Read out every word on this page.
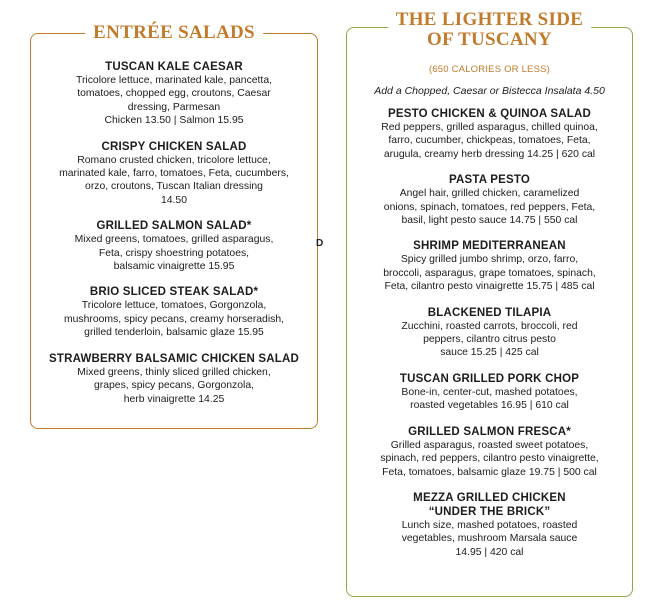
ENTRÉE SALADS
TUSCAN KALE CAESAR
Tricolore lettuce, marinated kale, pancetta,
tomatoes, chopped egg, croutons, Caesar
dressing, Parmesan
Chicken 13.50 | Salmon 15.95
CRISPY CHICKEN SALAD
Romano crusted chicken, tricolore lettuce,
marinated kale, farro, tomatoes, Feta, cucumbers,
orzo, croutons, Tuscan Italian dressing
14.50
GRILLED SALMON SALAD*
Mixed greens, tomatoes, grilled asparagus,
Feta, crispy shoestring potatoes,
balsamic vinaigrette 15.95
BRIO SLICED STEAK SALAD*
Tricolore lettuce, tomatoes, Gorgonzola,
mushrooms, spicy pecans, creamy horseradish,
grilled tenderloin, balsamic glaze 15.95
STRAWBERRY BALSAMIC CHICKEN SALAD
Mixed greens, thinly sliced grilled chicken,
grapes, spicy pecans, Gorgonzola,
herb vinaigrette 14.25
D
THE LIGHTER SIDE
OF TUSCANY
(650 CALORIES OR LESS)
Add a Chopped, Caesar or Bistecca Insalata 4.50
PESTO CHICKEN & QUINOA SALAD
Red peppers, grilled asparagus, chilled quinoa,
farro, cucumber, chickpeas, tomatoes, Feta,
arugula, creamy herb dressing 14.25 | 620 cal
PASTA PESTO
Angel hair, grilled chicken, caramelized
onions, spinach, tomatoes, red peppers, Feta,
basil, light pesto sauce 14.75 | 550 cal
SHRIMP MEDITERRANEAN
Spicy grilled jumbo shrimp, orzo, farro,
broccoli, asparagus, grape tomatoes, spinach,
Feta, cilantro pesto vinaigrette 15.75 | 485 cal
BLACKENED TILAPIA
Zucchini, roasted carrots, broccoli, red
peppers, cilantro citrus pesto
sauce 15.25 | 425 cal
TUSCAN GRILLED PORK CHOP
Bone-in, center-cut, mashed potatoes,
roasted vegetables 16.95 | 610 cal
GRILLED SALMON FRESCA*
Grilled asparagus, roasted sweet potatoes,
spinach, red peppers, cilantro pesto vinaigrette,
Feta, tomatoes, balsamic glaze 19.75 | 500 cal
MEZZA GRILLED CHICKEN
“UNDER THE BRICK”
Lunch size, mashed potatoes, roasted
vegetables, mushroom Marsala sauce
14.95 | 420 cal
